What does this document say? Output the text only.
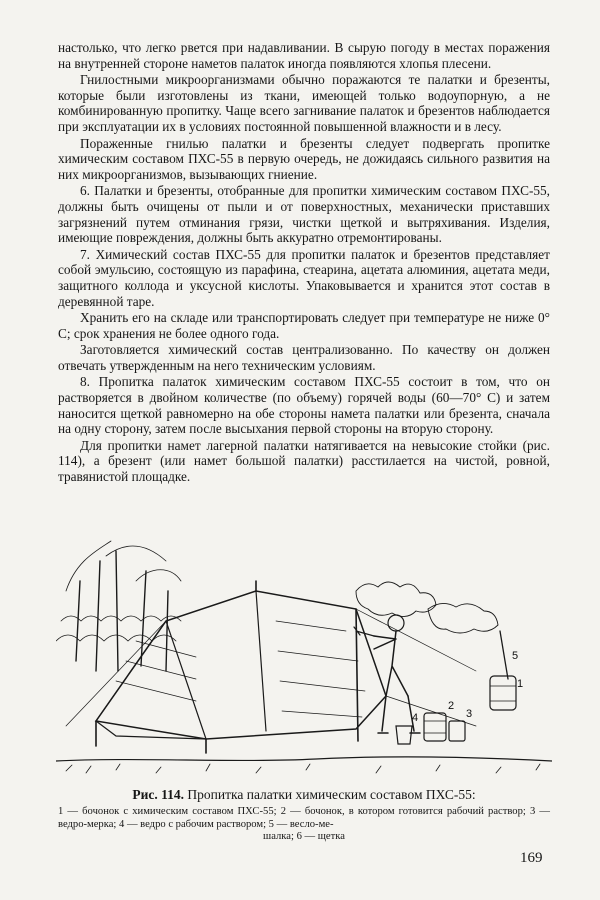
настолько, что легко рвется при надавливании. В сырую погоду в местах поражения на внутренней стороне наметов палаток иногда появляются хлопья плесени.

Гнилостными микроорганизмами обычно поражаются те палатки и брезенты, которые были изготовлены из ткани, имеющей только водоупорную, а не комбинированную пропитку. Чаще всего загнивание палаток и брезентов наблюдается при эксплуатации их в условиях постоянной повышенной влажности и в лесу.

Пораженные гнилью палатки и брезенты следует подвергать пропитке химическим составом ПХС-55 в первую очередь, не дожидаясь сильного развития на них микроорганизмов, вызывающих гниение.

6. Палатки и брезенты, отобранные для пропитки химическим составом ПХС-55, должны быть очищены от пыли и от поверхностных, механически приставших загрязнений путем отминания грязи, чистки щеткой и вытряхивания. Изделия, имеющие повреждения, должны быть аккуратно отремонтированы.

7. Химический состав ПХС-55 для пропитки палаток и брезентов представляет собой эмульсию, состоящую из парафина, стеарина, ацетата алюминия, ацетата меди, защитного коллода и уксусной кислоты. Упаковывается и хранится этот состав в деревянной таре.

Хранить его на складе или транспортировать следует при температуре не ниже 0° С; срок хранения не более одного года.

Заготовляется химический состав централизованно. По качеству он должен отвечать утвержденным на него техническим условиям.

8. Пропитка палаток химическим составом ПХС-55 состоит в том, что он растворяется в двойном количестве (по объему) горячей воды (60—70° С) и затем наносится щеткой равномерно на обе стороны намета палатки или брезента, сначала на одну сторону, затем после высыхания первой стороны на вторую сторону.

Для пропитки намет лагерной палатки натягивается на невысокие стойки (рис. 114), а брезент (или намет большой палатки) расстилается на чистой, ровной, травянистой площадке.

1
2
3
4
5
Рис. 114. Пропитка палатки химическим составом ПХС-55:
1 — бочонок с химическим составом ПХС-55; 2 — бочонок, в котором готовится рабочий раствор; 3 — ведро-мерка; 4 — ведро с рабочим раствором; 5 — весло-ме-
шалка; 6 — щетка
169
